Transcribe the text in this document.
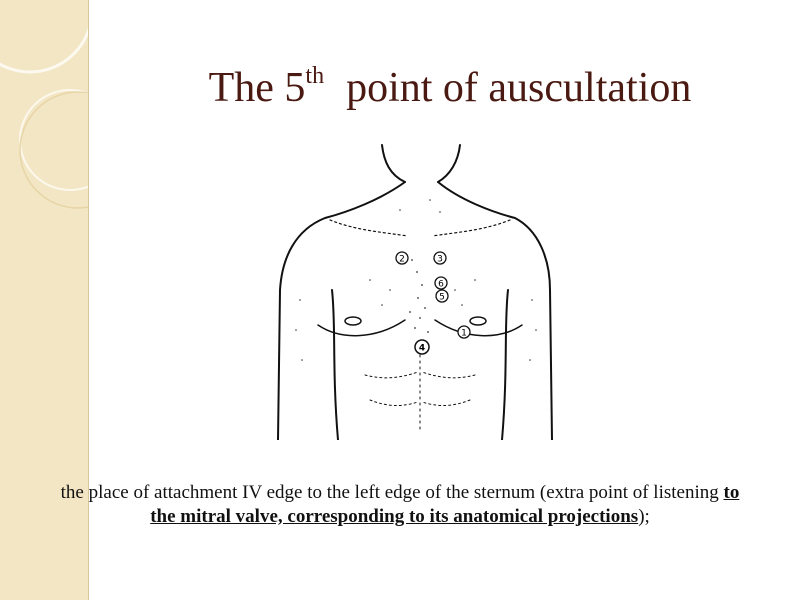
The 5th point of auscultation
2	3
6
5
1
4
the place of attachment IV edge to the left edge of the sternum (extra point of listening to the mitral valve, corresponding to its anatomical projections);
